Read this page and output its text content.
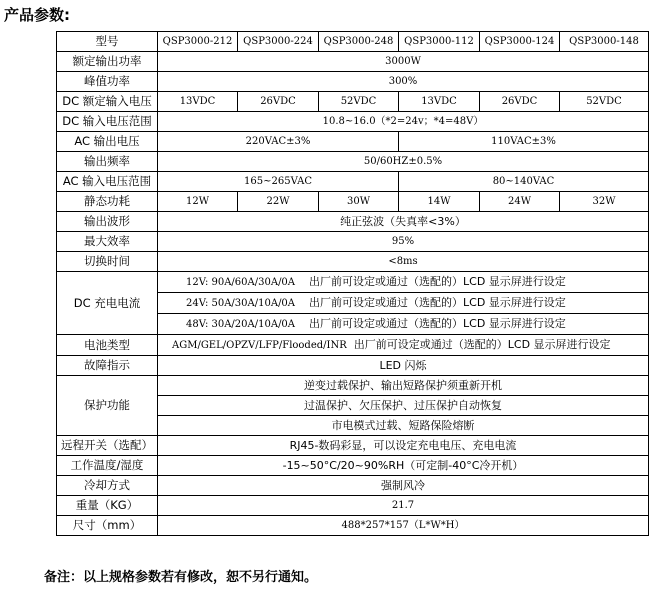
产品参数:
型号	QSP3000-212	QSP3000-224	QSP3000-248	QSP3000-112	QSP3000-124	QSP3000-148
额定输出功率	3000W					
峰值功率	300%					
DC 额定输入电压	13VDC	26VDC	52VDC	13VDC	26VDC	52VDC
DC 输入电压范围	10.8~16.0（*2=24v；*4=48V）					
AC 输出电压	220VAC±3%			110VAC±3%		
输出频率	50/60HZ±0.5%					
AC 输入电压范围	165~265VAC			80~140VAC		
静态功耗	12W	22W	30W	14W	24W	32W
输出波形	纯正弦波（失真率<3%）					
最大效率	95%					
切换时间	<8ms					
DC 充电电流	12V: 90A/60A/30A/0A 出厂前可设定或通过（选配的）LCD 显示屏进行设定					
	24V: 50A/30A/10A/0A 出厂前可设定或通过（选配的）LCD 显示屏进行设定					
	48V: 30A/20A/10A/0A 出厂前可设定或通过（选配的）LCD 显示屏进行设定					
电池类型	AGM/GEL/OPZV/LFP/Flooded/INR 出厂前可设定或通过（选配的）LCD 显示屏进行设定					
故障指示	LED 闪烁					
保护功能	逆变过载保护、输出短路保护须重新开机					
	过温保护、欠压保护、过压保护自动恢复					
	市电模式过载、短路保险熔断					
远程开关（选配）	RJ45-数码彩显，可以设定充电电压、充电电流					
工作温度/湿度	-15~50°C/20~90%RH（可定制-40°C冷开机）					
冷却方式	强制风冷					
重量（KG）	21.7					
尺寸（mm）	488*257*157（L*W*H）					
备注：以上规格参数若有修改，恕不另行通知。
